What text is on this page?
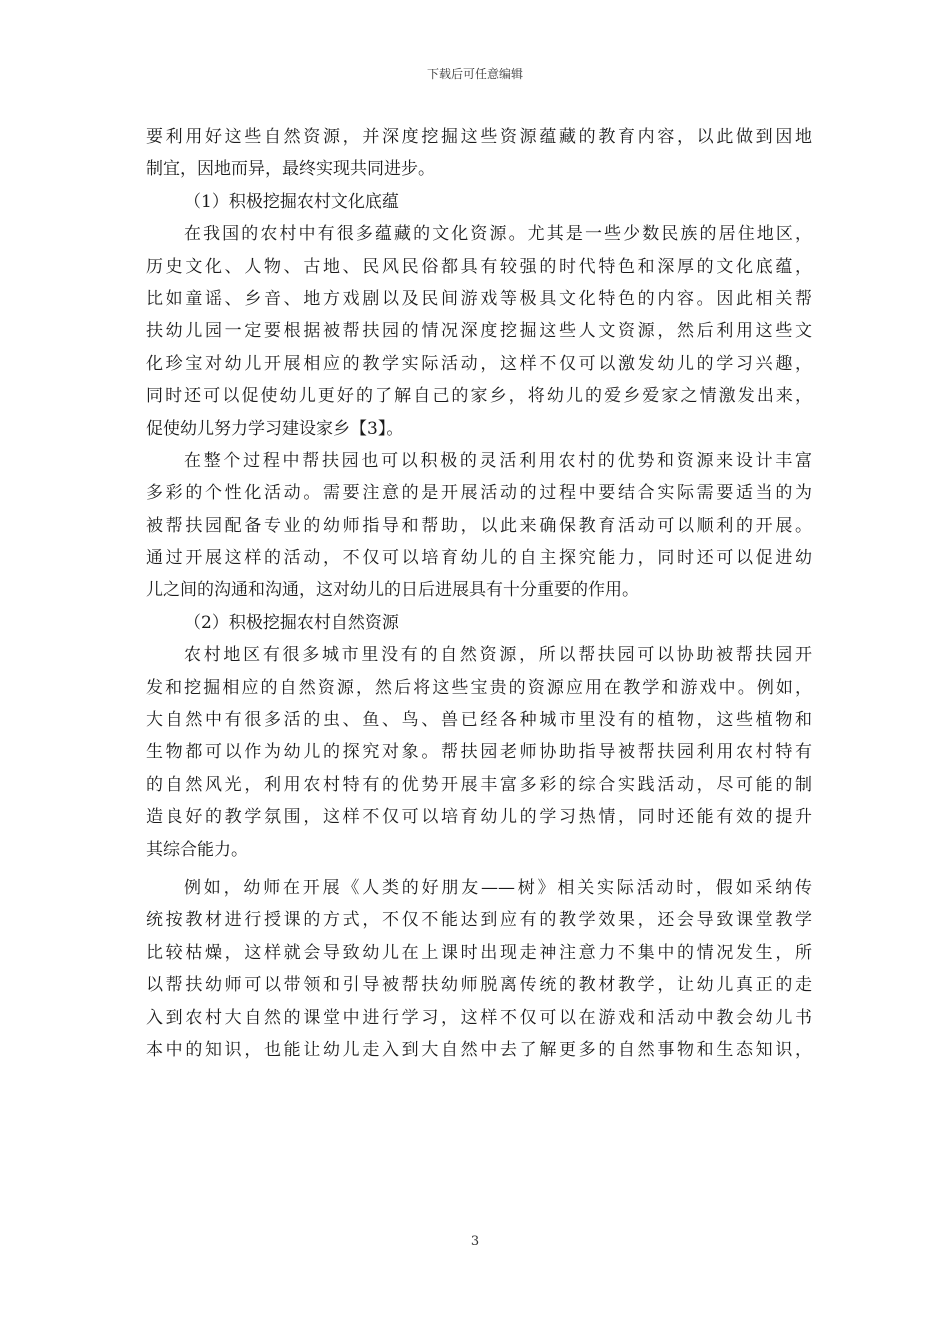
下载后可任意编辑
要利用好这些自然资源，并深度挖掘这些资源蕴藏的教育内容，以此做到因地
制宜，因地而异，最终实现共同进步。
（1）积极挖掘农村文化底蕴
在我国的农村中有很多蕴藏的文化资源。尤其是一些少数民族的居住地区，
历史文化、人物、古地、民风民俗都具有较强的时代特色和深厚的文化底蕴，
比如童谣、乡音、地方戏剧以及民间游戏等极具文化特色的内容。因此相关帮
扶幼儿园一定要根据被帮扶园的情况深度挖掘这些人文资源，然后利用这些文
化珍宝对幼儿开展相应的教学实际活动，这样不仅可以激发幼儿的学习兴趣，
同时还可以促使幼儿更好的了解自己的家乡，将幼儿的爱乡爱家之情激发出来，
促使幼儿努力学习建设家乡【3】。
在整个过程中帮扶园也可以积极的灵活利用农村的优势和资源来设计丰富
多彩的个性化活动。需要注意的是开展活动的过程中要结合实际需要适当的为
被帮扶园配备专业的幼师指导和帮助，以此来确保教育活动可以顺利的开展。
通过开展这样的活动，不仅可以培育幼儿的自主探究能力，同时还可以促进幼
儿之间的沟通和沟通，这对幼儿的日后进展具有十分重要的作用。
（2）积极挖掘农村自然资源
农村地区有很多城市里没有的自然资源，所以帮扶园可以协助被帮扶园开
发和挖掘相应的自然资源，然后将这些宝贵的资源应用在教学和游戏中。例如，
大自然中有很多活的虫、鱼、鸟、兽已经各种城市里没有的植物，这些植物和
生物都可以作为幼儿的探究对象。帮扶园老师协助指导被帮扶园利用农村特有
的自然风光，利用农村特有的优势开展丰富多彩的综合实践活动，尽可能的制
造良好的教学氛围，这样不仅可以培育幼儿的学习热情，同时还能有效的提升
其综合能力。
例如，幼师在开展《人类的好朋友——树》相关实际活动时，假如采纳传
统按教材进行授课的方式，不仅不能达到应有的教学效果，还会导致课堂教学
比较枯燥，这样就会导致幼儿在上课时出现走神注意力不集中的情况发生，所
以帮扶幼师可以带领和引导被帮扶幼师脱离传统的教材教学，让幼儿真正的走
入到农村大自然的课堂中进行学习，这样不仅可以在游戏和活动中教会幼儿书
本中的知识，也能让幼儿走入到大自然中去了解更多的自然事物和生态知识，
3
